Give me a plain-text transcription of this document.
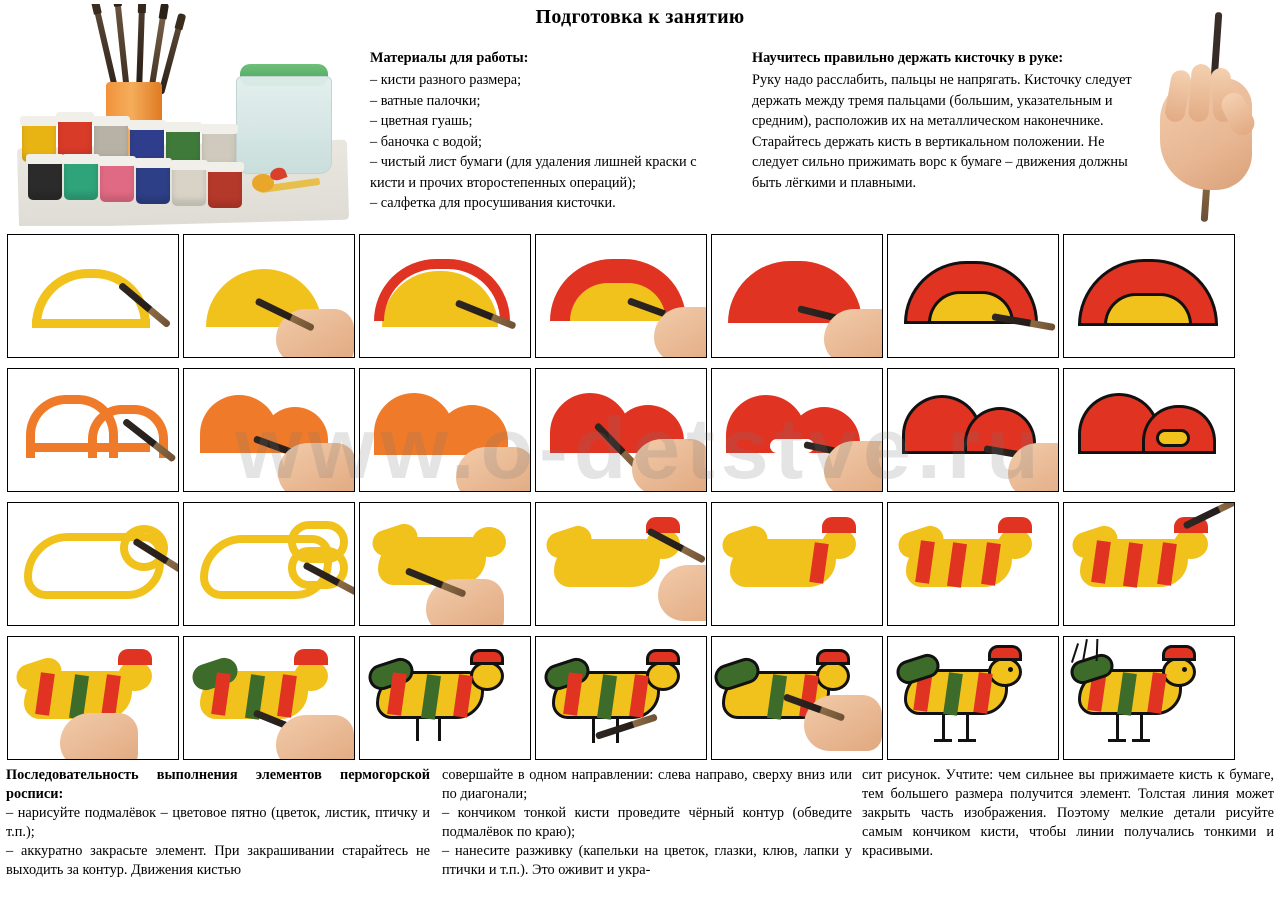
Подготовка к занятию
Материалы для работы:
– кисти разного размера;
– ватные палочки;
– цветная гуашь;
– баночка с водой;
– чистый лист бумаги (для удаления лишней краски с кисти и прочих второстепенных операций);
– салфетка для просушивания кисточки.
Научитесь правильно держать кисточку в руке:

Руку надо расслабить, пальцы не напрягать. Кисточку следует держать между тремя пальцами (большим, указательным и средним), расположив их на металлическом наконечнике. Старайтесь держать кисть в вертикальном положении. Не следует сильно прижимать ворс к бумаге – движения должны быть лёгкими и плавными.

www.o-detstve.ru

Последовательность выполнения элементов пермогорской росписи:

– нарисуйте подмалёвок – цветовое пятно (цветок, листик, птичку и т.п.);

– аккуратно закрасьте элемент. При закрашивании старайтесь не выходить за контур. Движения кистью

совершайте в одном направлении: слева направо, сверху вниз или по диагонали;

– кончиком тонкой кисти проведите чёрный контур (обведите подмалёвок по краю);

– нанесите разживку (капельки на цветок, глазки, клюв, лапки у птички и т.п.). Это оживит и укра-

сит рисунок. Учтите: чем сильнее вы прижимаете кисть к бумаге, тем большего размера получится элемент. Толстая линия может закрыть часть изображения. Поэтому мелкие детали рисуйте самым кончиком кисти, чтобы линии получались тонкими и красивыми.
